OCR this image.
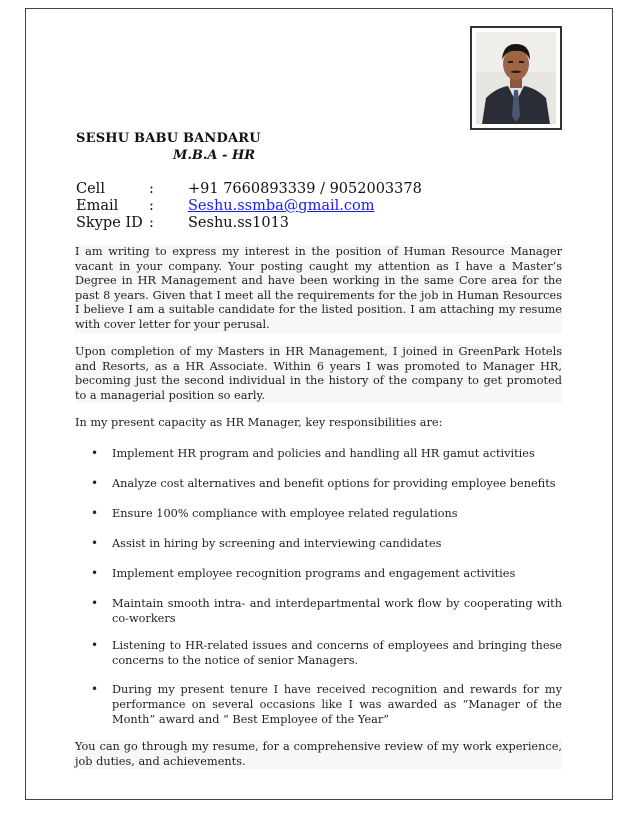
SESHU BABU BANDARU
M.B.A - HR
Cell	: +91 7660893339 / 9052003378
Email : Seshu.ssmba@gmail.com
Skype ID : Seshu.ss1013
I am writing to express my interest in the position of Human Resource Manager vacant in your company. Your posting caught my attention as I have a Master’s Degree in HR Management and have been working in the same Core area for the past 8 years. Given that I meet all the requirements for the job in Human Resources I believe I am a suitable candidate for the listed position. I am attaching my resume with cover letter for your perusal.
Upon completion of my Masters in HR Management, I joined in GreenPark Hotels and Resorts, as a HR Associate. Within 6 years I was promoted to Manager HR, becoming just the second individual in the history of the company to get promoted to a managerial position so early.
In my present capacity as HR Manager, key responsibilities are:
• Implement HR program and policies and handling all HR gamut activities
• Analyze cost alternatives and benefit options for providing employee benefits
• Ensure 100% compliance with employee related regulations
• Assist in hiring by screening and interviewing candidates
• Implement employee recognition programs and engagement activities
• Maintain smooth intra- and interdepartmental work flow by cooperating with co-workers
• Listening to HR-related issues and concerns of employees and bringing these concerns to the notice of senior Managers.
• During my present tenure I have received recognition and rewards for my performance on several occasions like I was awarded as “Manager of the Month” award and “ Best Employee of the Year”
You can go through my resume, for a comprehensive review of my work experience, job duties, and achievements.
